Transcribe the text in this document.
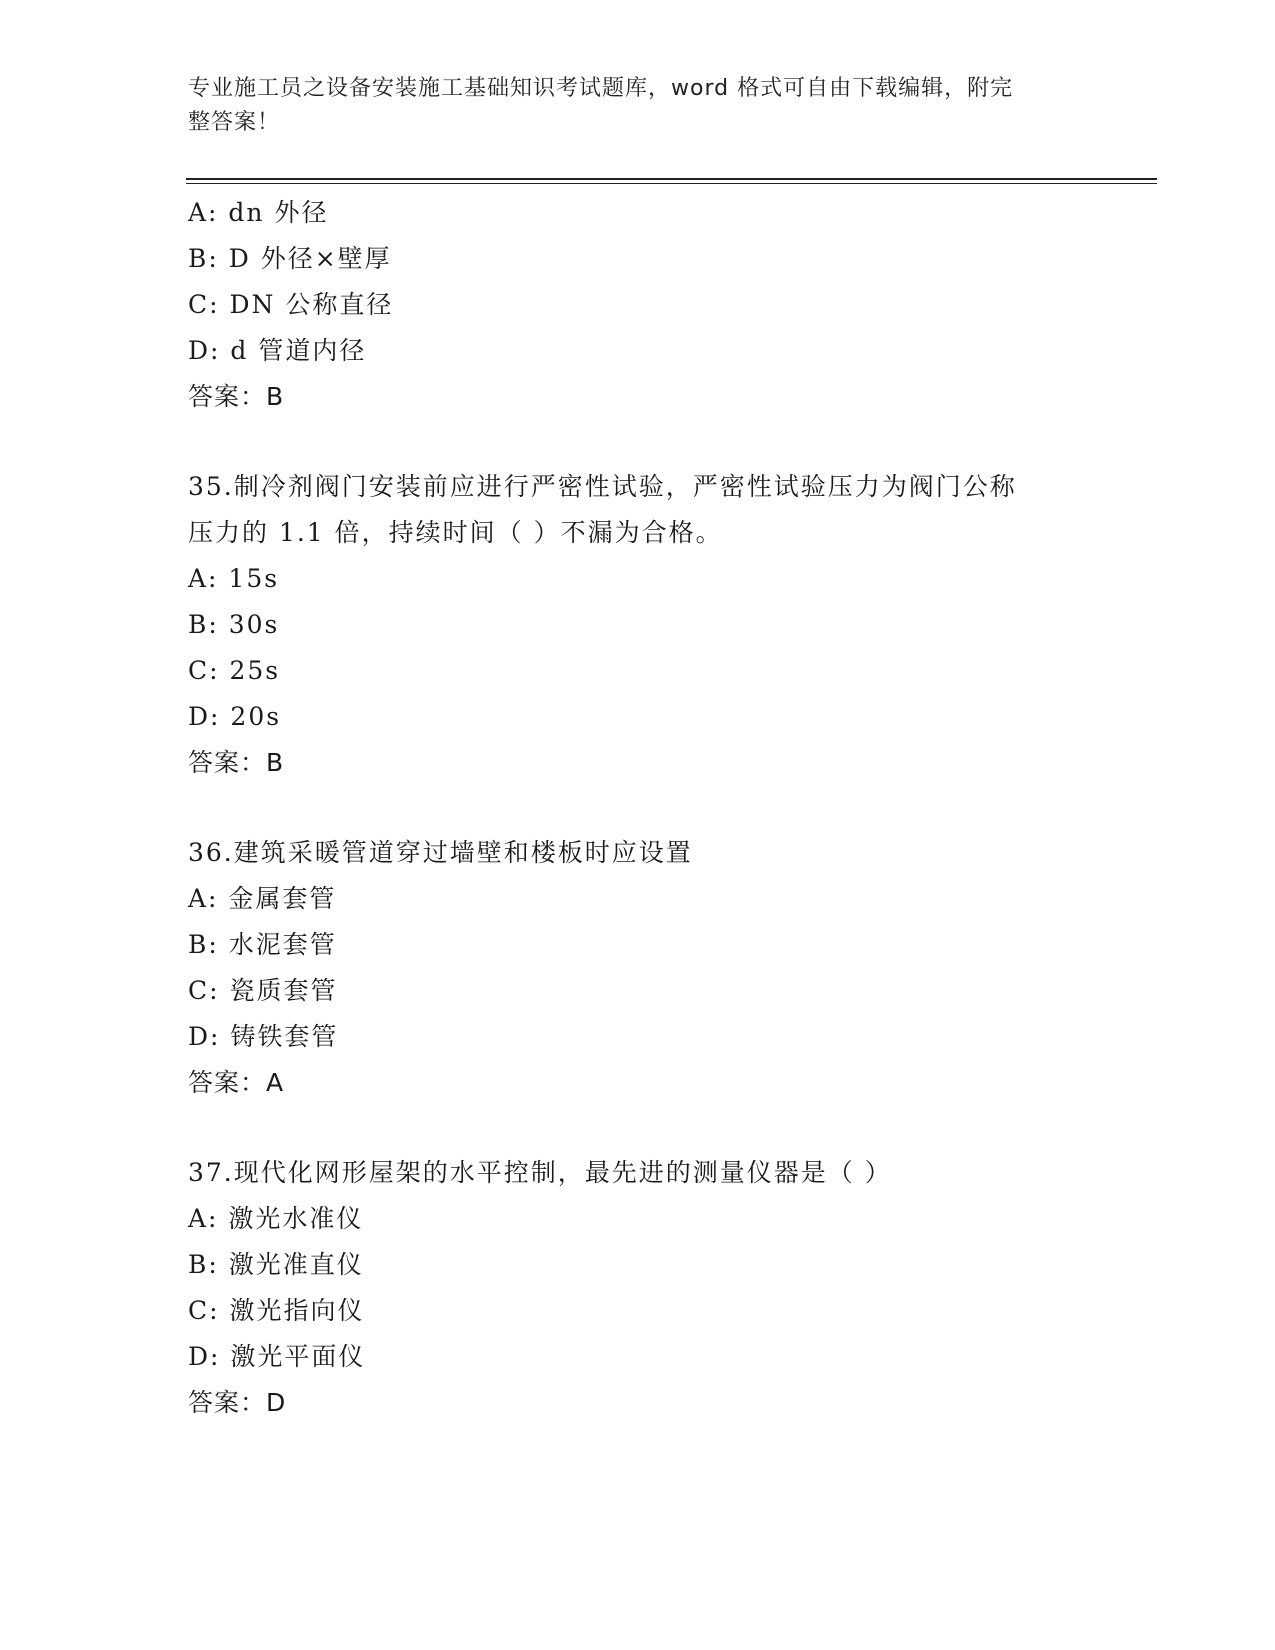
专业施工员之设备安装施工基础知识考试题库，word 格式可自由下载编辑，附完
整答案！
A: dn 外径
B: D 外径×壁厚
C: DN 公称直径
D: d 管道内径
答案：B
35.制冷剂阀门安装前应进行严密性试验，严密性试验压力为阀门公称
压力的 1.1 倍，持续时间（ ）不漏为合格。
A: 15s
B: 30s
C: 25s
D: 20s
答案：B
36.建筑采暖管道穿过墙壁和楼板时应设置
A: 金属套管
B: 水泥套管
C: 瓷质套管
D: 铸铁套管
答案：A
37.现代化网形屋架的水平控制，最先进的测量仪器是（ ）
A: 激光水准仪
B: 激光准直仪
C: 激光指向仪
D: 激光平面仪
答案：D
